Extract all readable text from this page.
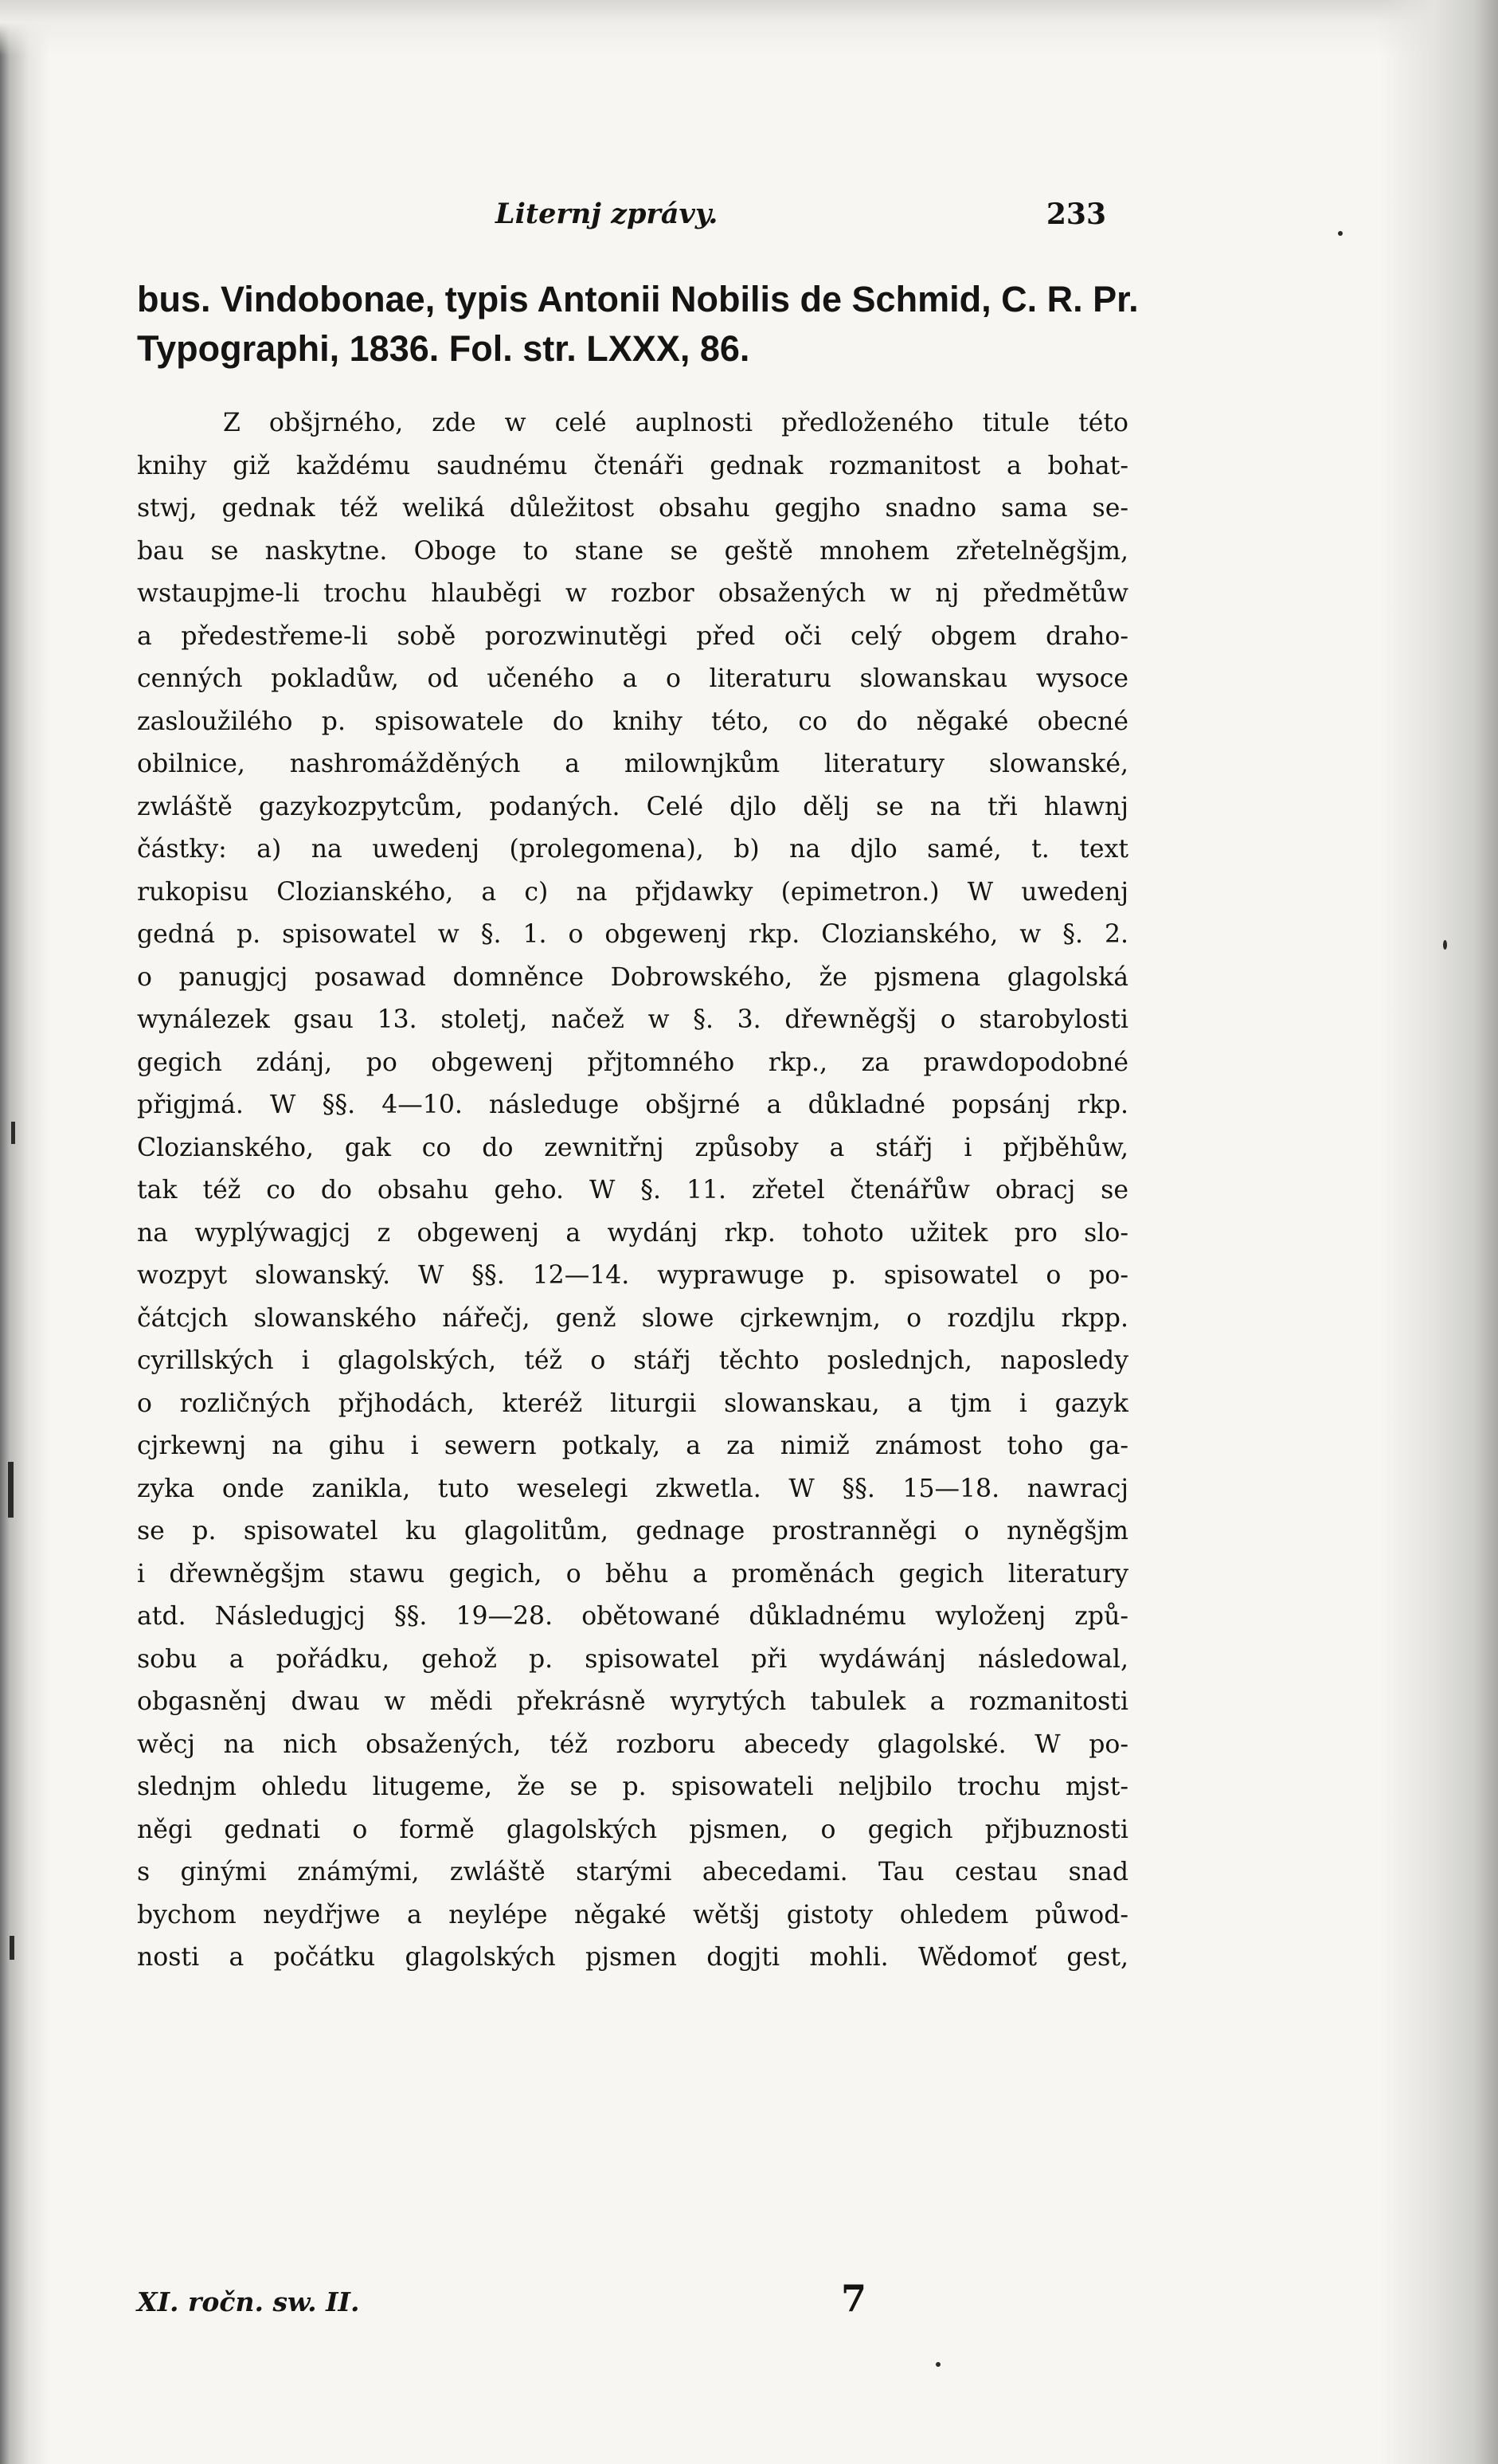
Liternj zprávy.	233
bus. Vindobonae, typis Antonii Nobilis de Schmid, C. R. Pr.
Typographi, 1836. Fol. str. LXXX, 86.
Z obšjrného, zde w celé auplnosti předloženého titule této
knihy giž každému saudnému čtenáři gednak rozmanitost a bohat-
stwj, gednak též weliká důležitost obsahu gegjho snadno sama se-
bau se naskytne. Oboge to stane se geště mnohem zřetelněgšjm,
wstaupjme-li trochu hlauběgi w rozbor obsažených w nj předmětůw
a předestřeme-li sobě porozwinutěgi před oči celý obgem draho-
cenných pokladůw, od učeného a o literaturu slowanskau wysoce
zasloužilého p. spisowatele do knihy této, co do něgaké obecné
obilnice, nashromážděných a milownjkům literatury slowanské,
zwláště gazykozpytcům, podaných. Celé djlo dělj se na tři hlawnj
částky: a) na uwedenj (prolegomena), b) na djlo samé, t. text
rukopisu Clozianského, a c) na přjdawky (epimetron.) W uwedenj
gedná p. spisowatel w §. 1. o obgewenj rkp. Clozianského, w §. 2.
o panugjcj posawad domněnce Dobrowského, že pjsmena glagolská
wynálezek gsau 13. stoletj, načež w §. 3. dřewněgšj o starobylosti
gegich zdánj, po obgewenj přjtomného rkp., za prawdopodobné
přigjmá. W §§. 4—10. následuge obšjrné a důkladné popsánj rkp.
Clozianského, gak co do zewnitřnj způsoby a stářj i přjběhůw,
tak též co do obsahu geho. W §. 11. zřetel čtenářůw obracj se
na wyplýwagjcj z obgewenj a wydánj rkp. tohoto užitek pro slo-
wozpyt slowanský. W §§. 12—14. wyprawuge p. spisowatel o po-
čátcjch slowanského nářečj, genž slowe cjrkewnjm, o rozdjlu rkpp.
cyrillských i glagolských, též o stářj těchto poslednjch, naposledy
o rozličných přjhodách, kteréž liturgii slowanskau, a tjm i gazyk
cjrkewnj na gihu i sewern potkaly, a za nimiž známost toho ga-
zyka onde zanikla, tuto weselegi zkwetla. W §§. 15—18. nawracj
se p. spisowatel ku glagolitům, gednage prostranněgi o nyněgšjm
i dřewněgšjm stawu gegich, o běhu a proměnách gegich literatury
atd. Následugjcj §§. 19—28. obětowané důkladnému wyloženj způ-
sobu a pořádku, gehož p. spisowatel při wydáwánj následowal,
obgasněnj dwau w mědi překrásně wyrytých tabulek a rozmanitosti
wěcj na nich obsažených, též rozboru abecedy glagolské. W po-
slednjm ohledu litugeme, že se p. spisowateli neljbilo trochu mjst-
něgi gednati o formě glagolských pjsmen, o gegich přjbuznosti
s ginými známými, zwláště starými abecedami. Tau cestau snad
bychom neydřjwe a neylépe něgaké wětšj gistoty ohledem půwod-
nosti a počátku glagolských pjsmen dogjti mohli. Wědomoť gest,
XI. ročn. sw. II.	7
